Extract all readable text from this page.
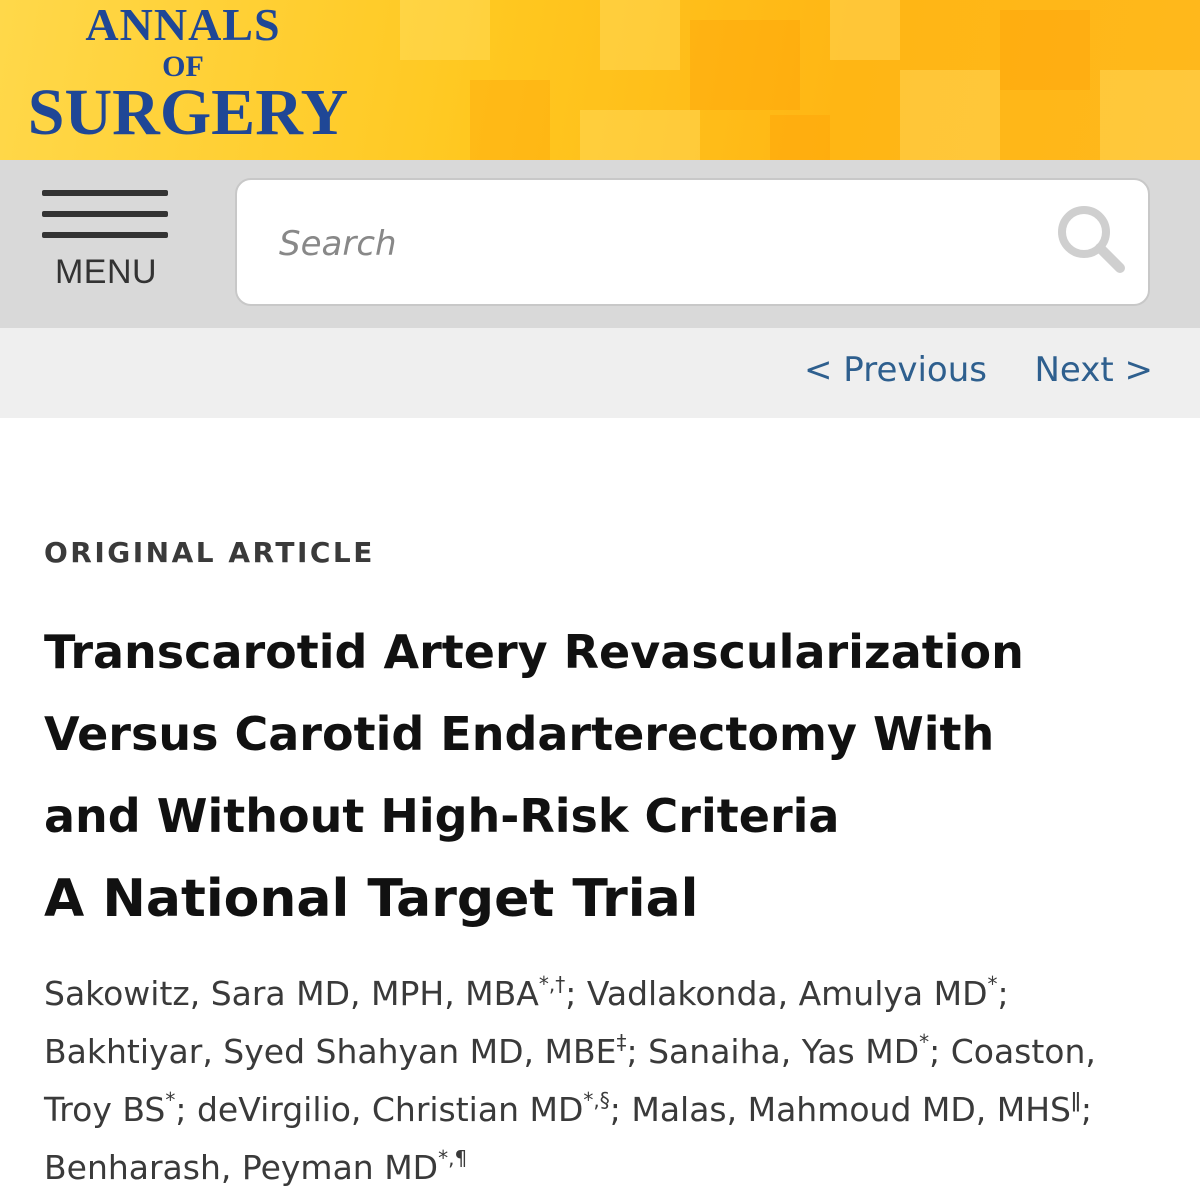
ANNALS
OF
SURGERY
MENU
Search
< Previous Next >
ORIGINAL ARTICLE
Transcarotid Artery Revascularization Versus Carotid Endarterectomy With and Without High-Risk Criteria
A National Target Trial
Sakowitz, Sara MD, MPH, MBA*,†; Vadlakonda, Amulya MD*; Bakhtiyar, Syed Shahyan MD, MBE‡; Sanaiha, Yas MD*; Coaston, Troy BS*; deVirgilio, Christian MD*,§; Malas, Mahmoud MD, $MHS^ǁ$; Benharash, Peyman MD*,¶
